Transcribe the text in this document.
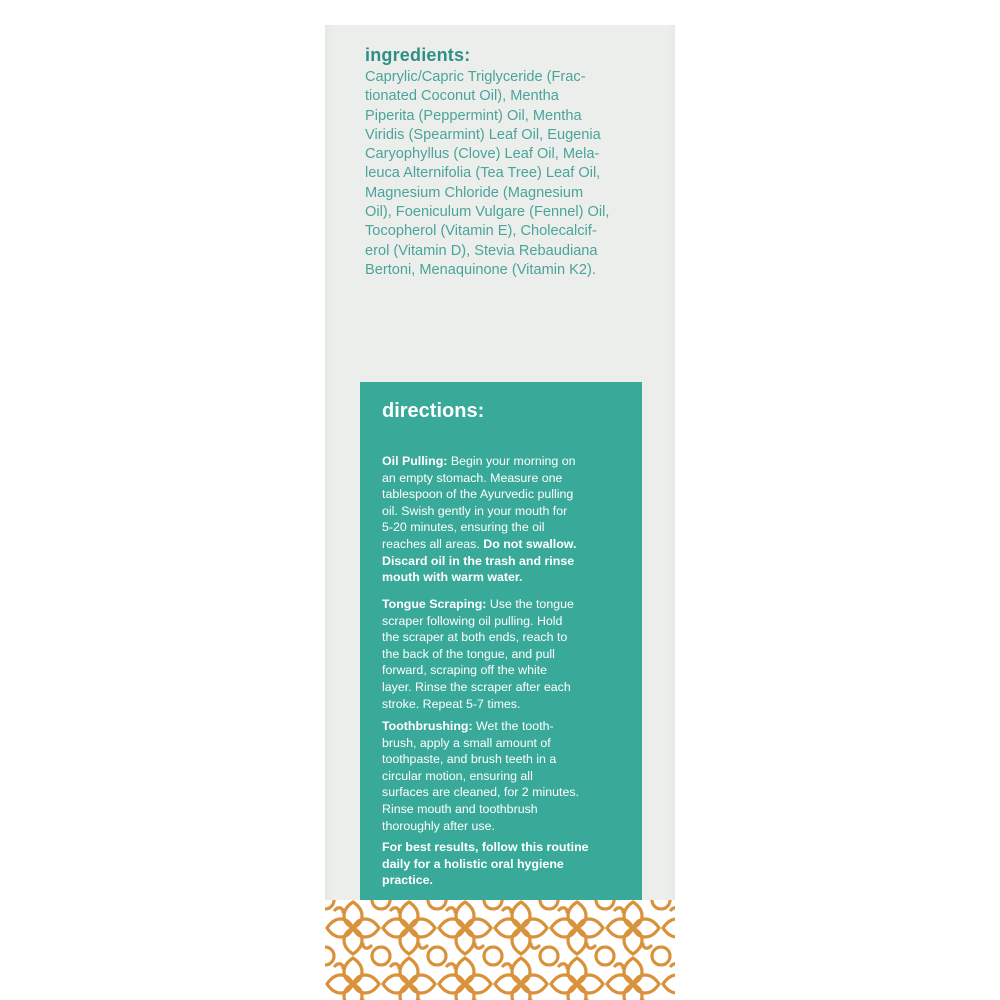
ingredients:
Caprylic/Capric Triglyceride (Frac-
tionated Coconut Oil), Mentha
Piperita (Peppermint) Oil, Mentha
Viridis (Spearmint) Leaf Oil, Eugenia
Caryophyllus (Clove) Leaf Oil, Mela-
leuca Alternifolia (Tea Tree) Leaf Oil,
Magnesium Chloride (Magnesium
Oil), Foeniculum Vulgare (Fennel) Oil,
Tocopherol (Vitamin E), Cholecalcif-
erol (Vitamin D), Stevia Rebaudiana
Bertoni, Menaquinone (Vitamin K2).
directions:
Oil Pulling: Begin your morning on
an empty stomach. Measure one
tablespoon of the Ayurvedic pulling
oil. Swish gently in your mouth for
5-20 minutes, ensuring the oil
reaches all areas. Do not swallow.
Discard oil in the trash and rinse
mouth with warm water.
Tongue Scraping: Use the tongue
scraper following oil pulling. Hold
the scraper at both ends, reach to
the back of the tongue, and pull
forward, scraping off the white
layer. Rinse the scraper after each
stroke. Repeat 5-7 times.
Toothbrushing: Wet the tooth-
brush, apply a small amount of
toothpaste, and brush teeth in a
circular motion, ensuring all
surfaces are cleaned, for 2 minutes.
Rinse mouth and toothbrush
thoroughly after use.
For best results, follow this routine
daily for a holistic oral hygiene
practice.
